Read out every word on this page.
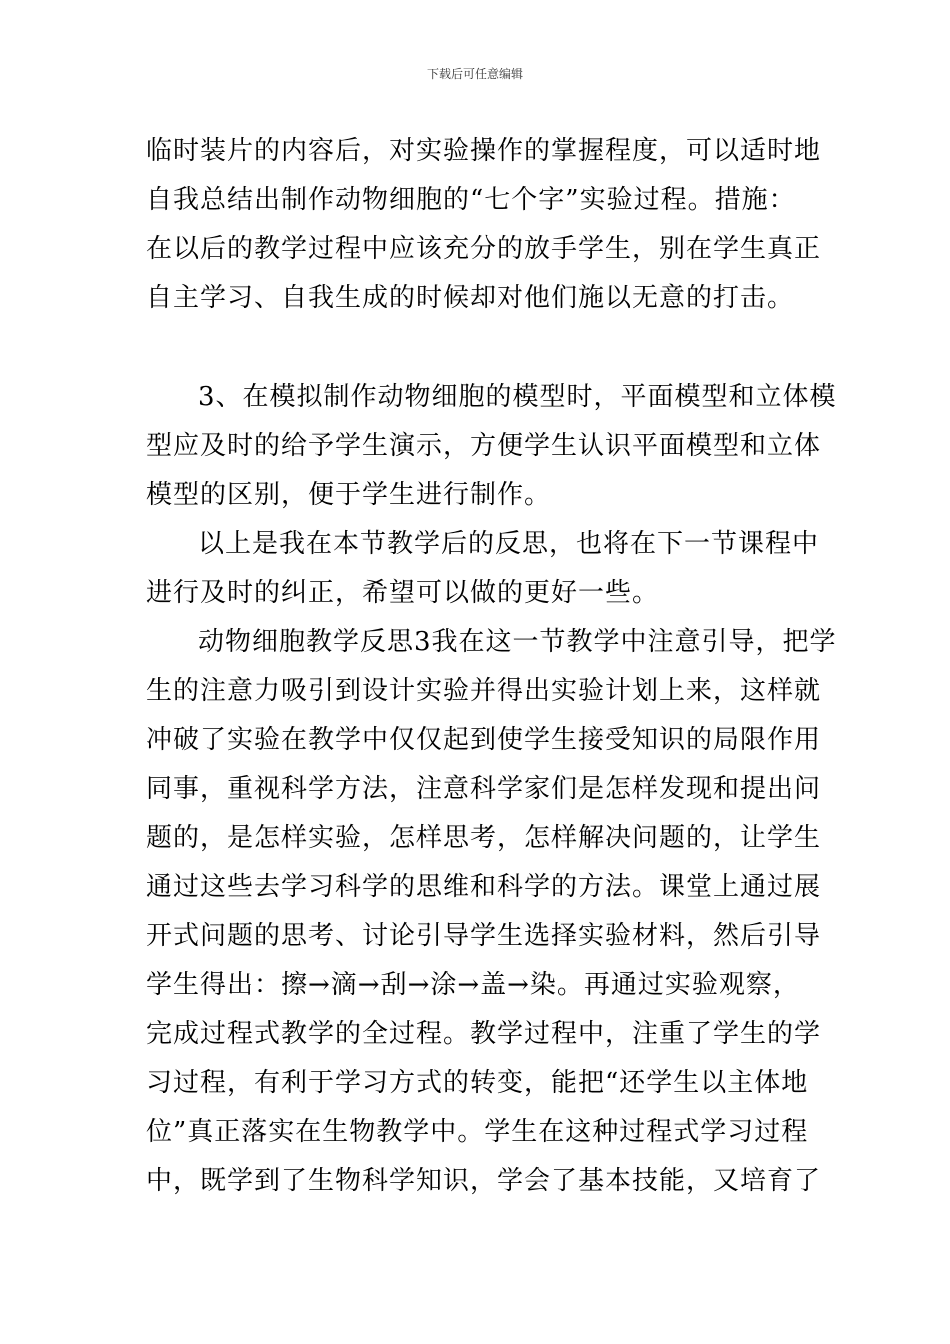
下载后可任意编辑
临时装片的内容后，对实验操作的掌握程度，可以适时地
自我总结出制作动物细胞的“七个字”实验过程。措施：
在以后的教学过程中应该充分的放手学生，别在学生真正
自主学习、自我生成的时候却对他们施以无意的打击。
3、在模拟制作动物细胞的模型时，平面模型和立体模
型应及时的给予学生演示，方便学生认识平面模型和立体
模型的区别，便于学生进行制作。
以上是我在本节教学后的反思，也将在下一节课程中
进行及时的纠正，希望可以做的更好一些。
动物细胞教学反思3我在这一节教学中注意引导，把学
生的注意力吸引到设计实验并得出实验计划上来，这样就
冲破了实验在教学中仅仅起到使学生接受知识的局限作用
同事，重视科学方法，注意科学家们是怎样发现和提出问
题的，是怎样实验，怎样思考，怎样解决问题的，让学生
通过这些去学习科学的思维和科学的方法。课堂上通过展
开式问题的思考、讨论引导学生选择实验材料，然后引导
学生得出：擦→滴→刮→涂→盖→染。再通过实验观察，
完成过程式教学的全过程。教学过程中，注重了学生的学
习过程，有利于学习方式的转变，能把“还学生以主体地
位”真正落实在生物教学中。学生在这种过程式学习过程
中，既学到了生物科学知识，学会了基本技能，又培育了
